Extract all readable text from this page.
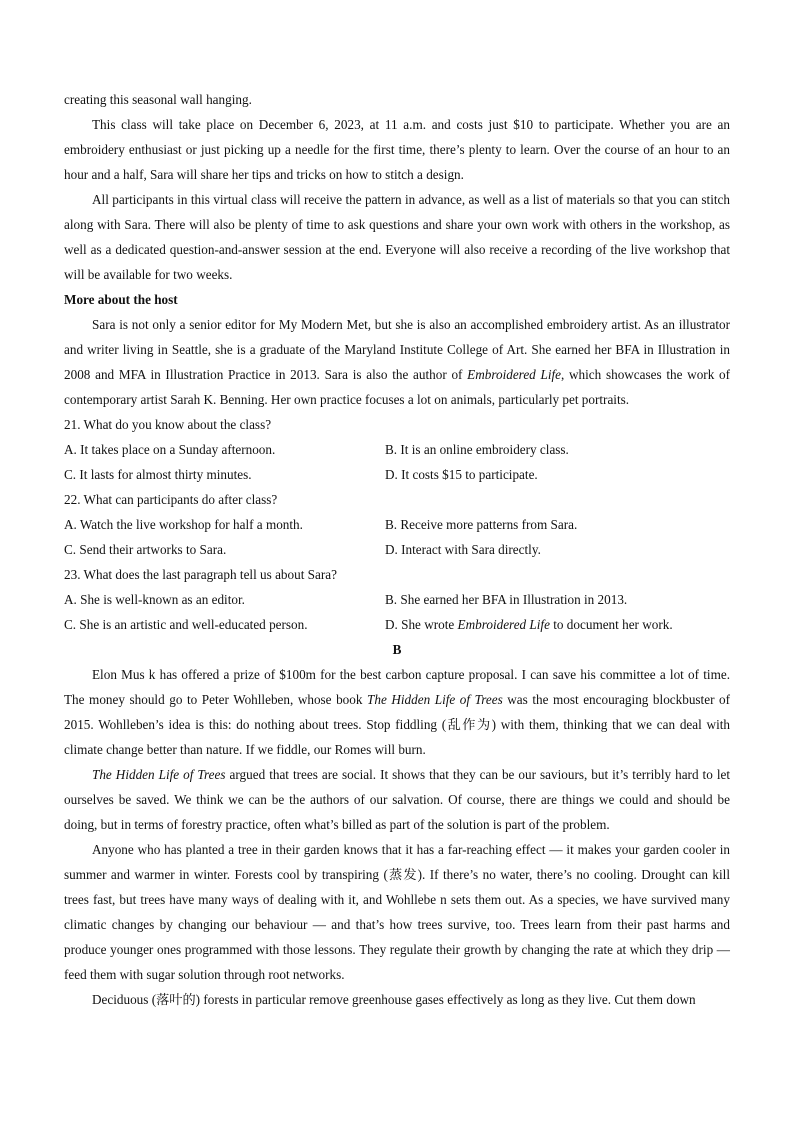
creating this seasonal wall hanging.

This class will take place on December 6, 2023, at 11 a.m. and costs just $10 to participate. Whether you are an embroidery enthusiast or just picking up a needle for the first time, there’s plenty to learn. Over the course of an hour to an hour and a half, Sara will share her tips and tricks on how to stitch a design.

All participants in this virtual class will receive the pattern in advance, as well as a list of materials so that you can stitch along with Sara. There will also be plenty of time to ask questions and share your own work with others in the workshop, as well as a dedicated question-and-answer session at the end. Everyone will also receive a recording of the live workshop that will be available for two weeks.

More about the host

Sara is not only a senior editor for My Modern Met, but she is also an accomplished embroidery artist. As an illustrator and writer living in Seattle, she is a graduate of the Maryland Institute College of Art. She earned her BFA in Illustration in 2008 and MFA in Illustration Practice in 2013. Sara is also the author of Embroidered Life, which showcases the work of contemporary artist Sarah K. Benning. Her own practice focuses a lot on animals, particularly pet portraits.

21. What do you know about the class?

A. It takes place on a Sunday afternoon.	B. It is an online embroidery class.
C. It lasts for almost thirty minutes.	D. It costs $15 to participate.

22. What can participants do after class?

A. Watch the live workshop for half a month.	B. Receive more patterns from Sara.
C. Send their artworks to Sara.	D. Interact with Sara directly.

23. What does the last paragraph tell us about Sara?

A. She is well-known as an editor.	B. She earned her BFA in Illustration in 2013.
C. She is an artistic and well-educated person.	D. She wrote Embroidered Life to document her work.

B

Elon Mus k has offered a prize of $100m for the best carbon capture proposal. I can save his committee a lot of time. The money should go to Peter Wohlleben, whose book The Hidden Life of Trees was the most encouraging blockbuster of 2015. Wohlleben’s idea is this: do nothing about trees. Stop fiddling (乱作为) with them, thinking that we can deal with climate change better than nature. If we fiddle, our Romes will burn.

The Hidden Life of Trees argued that trees are social. It shows that they can be our saviours, but it’s terribly hard to let ourselves be saved. We think we can be the authors of our salvation. Of course, there are things we could and should be doing, but in terms of forestry practice, often what’s billed as part of the solution is part of the problem.

Anyone who has planted a tree in their garden knows that it has a far-reaching effect — it makes your garden cooler in summer and warmer in winter. Forests cool by transpiring (蒸发). If there’s no water, there’s no cooling. Drought can kill trees fast, but trees have many ways of dealing with it, and Wohllebe n sets them out. As a species, we have survived many climatic changes by changing our behaviour — and that’s how trees survive, too. Trees learn from their past harms and produce younger ones programmed with those lessons. They regulate their growth by changing the rate at which they drip — feed them with sugar solution through root networks.

Deciduous (落叶的) forests in particular remove greenhouse gases effectively as long as they live. Cut them down
